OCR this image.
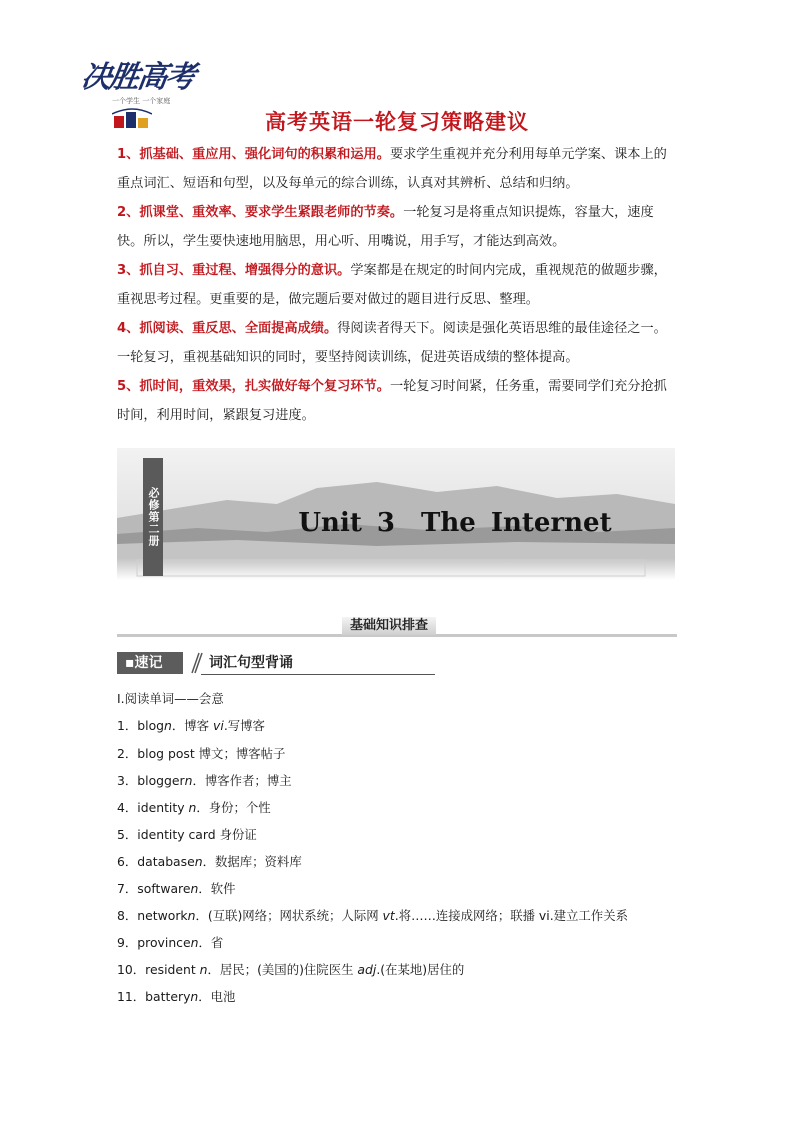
决胜高考
一个学生 一个家庭
高考英语一轮复习策略建议

1、抓基础、重应用、强化词句的积累和运用。要求学生重视并充分利用每单元学案、课本上的重点词汇、短语和句型，以及每单元的综合训练，认真对其辨析、总结和归纳。

2、抓课堂、重效率、要求学生紧跟老师的节奏。一轮复习是将重点知识提炼，容量大，速度快。所以，学生要快速地用脑思，用心听、用嘴说，用手写，才能达到高效。

3、抓自习、重过程、增强得分的意识。学案都是在规定的时间内完成，重视规范的做题步骤，重视思考过程。更重要的是，做完题后要对做过的题目进行反思、整理。

4、抓阅读、重反思、全面提高成绩。得阅读者得天下。阅读是强化英语思维的最佳途径之一。一轮复习，重视基础知识的同时，要坚持阅读训练，促进英语成绩的整体提高。

5、抓时间，重效果，扎实做好每个复习环节。一轮复习时间紧，任务重，需要同学们充分抢抓时间，利用时间，紧跟复习进度。

必修第二册	Unit 3　The Internet
基础知识排查
▪速记	词汇句型背诵
Ⅰ.阅读单词——会意
1．blogn．博客 vi.写博客
2．blog post 博文；博客帖子
3．bloggern．博客作者；博主
4．identity n．身份；个性
5．identity card 身份证
6．databasen．数据库；资料库
7．softwaren．软件
8．networkn．(互联)网络；网状系统；人际网 vt.将……连接成网络；联播 vi.建立工作关系
9．provincen．省
10．resident n．居民；(美国的)住院医生 adj.(在某地)居住的
11．batteryn．电池
